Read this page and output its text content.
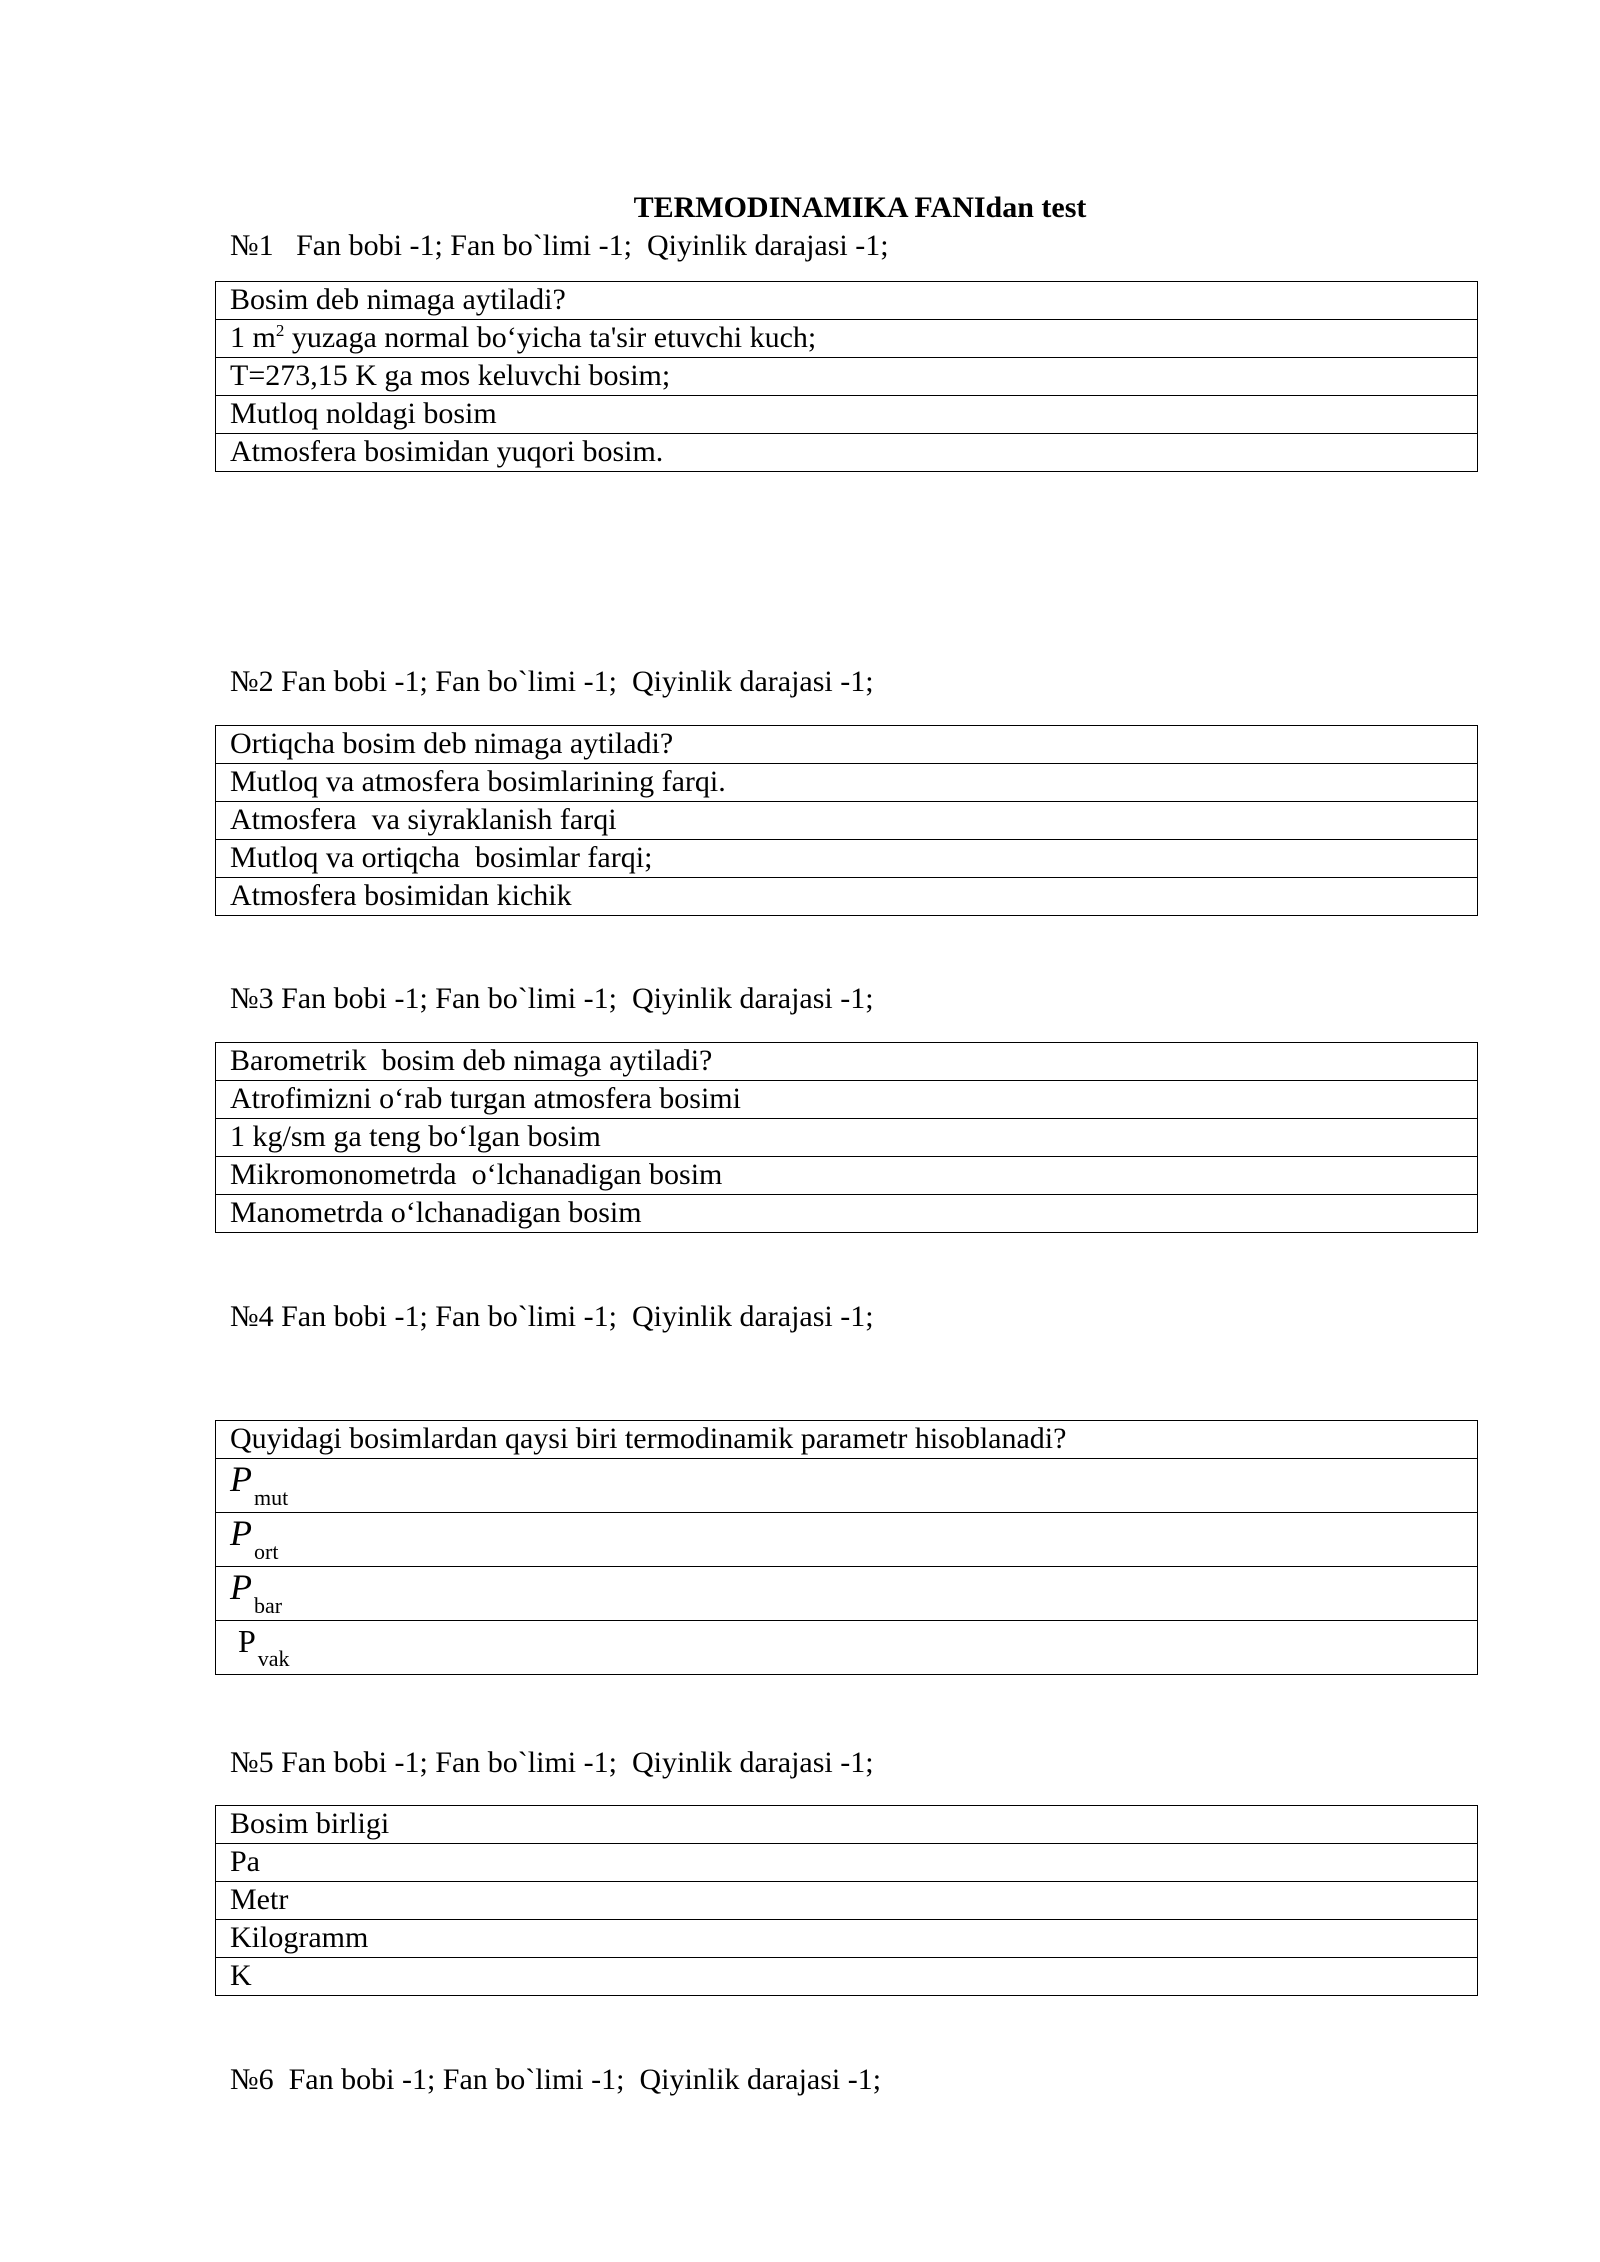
TERMODINAMIKA FANIdan test
№1   Fan bobi -1; Fan bo`limi -1;  Qiyinlik darajasi -1;
Bosim deb nimaga aytiladi?
1 $m^2$ yuzaga normal bo‘yicha ta'sir etuvchi kuch;
T=273,15 K ga mos keluvchi bosim;
Mutloq noldagi bosim
Atmosfera bosimidan yuqori bosim.
№2 Fan bobi -1; Fan bo`limi -1;  Qiyinlik darajasi -1;
Ortiqcha bosim deb nimaga aytiladi?
Mutloq va atmosfera bosimlarining farqi.
Atmosfera  va siyraklanish farqi
Mutloq va ortiqcha  bosimlar farqi;
Atmosfera bosimidan kichik
№3 Fan bobi -1; Fan bo`limi -1;  Qiyinlik darajasi -1;
Barometrik  bosim deb nimaga aytiladi?
Atrofimizni o‘rab turgan atmosfera bosimi
1 kg/sm ga teng bo‘lgan bosim
Mikromonometrda  o‘lchanadigan bosim
Manometrda o‘lchanadigan bosim
№4 Fan bobi -1; Fan bo`limi -1;  Qiyinlik darajasi -1;
Quyidagi bosimlardan qaysi biri termodinamik parametr hisoblanadi?
$P_{mut}$
$P_{ort}$
$P_{bar}$
$P_{vak}$
№5 Fan bobi -1; Fan bo`limi -1;  Qiyinlik darajasi -1;
Bosim birligi
Pa
Metr
Kilogramm
K
№6  Fan bobi -1; Fan bo`limi -1;  Qiyinlik darajasi -1;
